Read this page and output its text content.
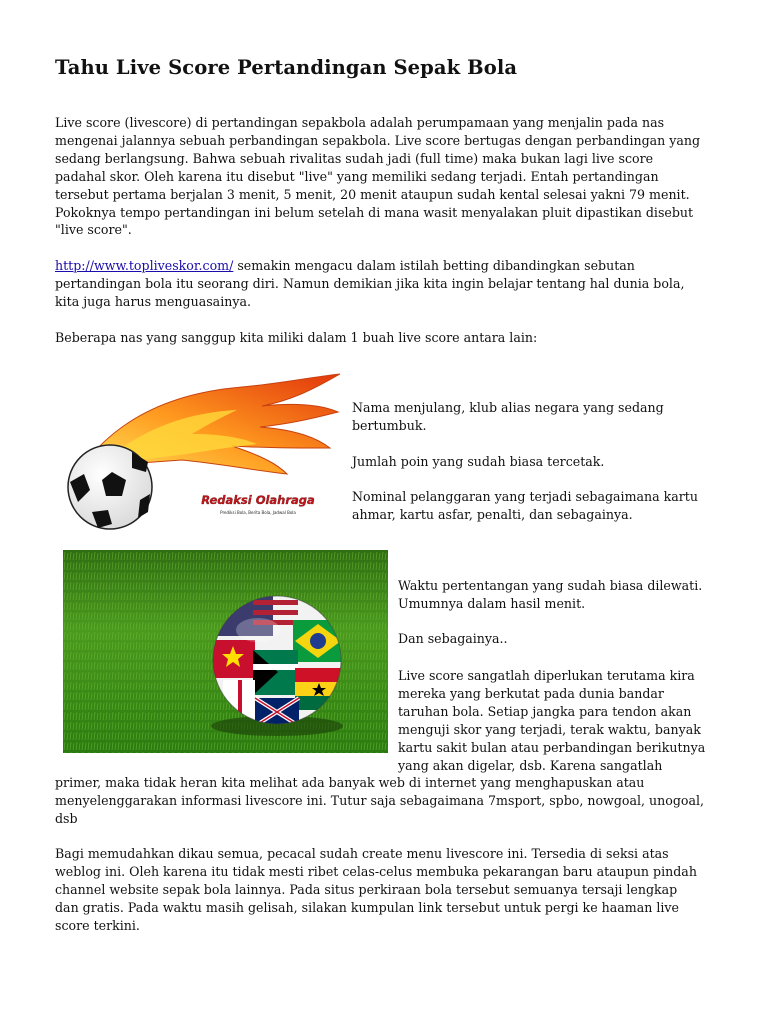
Tahu Live Score Pertandingan Sepak Bola

Live score (livescore) di pertandingan sepakbola adalah perumpamaan yang menjalin pada nas
mengenai jalannya sebuah perbandingan sepakbola. Live score bertugas dengan perbandingan yang
sedang berlangsung. Bahwa sebuah rivalitas sudah jadi (full time) maka bukan lagi live score
padahal skor. Oleh karena itu disebut "live" yang memiliki sedang terjadi. Entah pertandingan
tersebut pertama berjalan 3 menit, 5 menit, 20 menit ataupun sudah kental selesai yakni 79 menit.
Pokoknya tempo pertandingan ini belum setelah di mana wasit menyalakan pluit dipastikan disebut
"live score".

http://www.topliveskor.com/ semakin mengacu dalam istilah betting dibandingkan sebutan
pertandingan bola itu seorang diri. Namun demikian jika kita ingin belajar tentang hal dunia bola,
kita juga harus menguasainya.

Beberapa nas yang sanggup kita miliki dalam 1 buah live score antara lain:

Redaksi Olahraga
Prediksi Bola, Berita Bola, Jadwal Bola

Nama menjulang, klub alias negara yang sedang
bertumbuk.

Jumlah poin yang sudah biasa tercetak.

Nominal pelanggaran yang terjadi sebagaimana kartu
ahmar, kartu asfar, penalti, dan sebagainya.

Waktu pertentangan yang sudah biasa dilewati.
Umumnya dalam hasil menit.

Dan sebagainya..

Live score sangatlah diperlukan terutama kira
mereka yang berkutat pada dunia bandar
taruhan bola. Setiap jangka para tendon akan
menguji skor yang terjadi, terak waktu, banyak
kartu sakit bulan atau perbandingan berikutnya
yang akan digelar, dsb. Karena sangatlah

primer, maka tidak heran kita melihat ada banyak web di internet yang menghapuskan atau
menyelenggarakan informasi livescore ini. Tutur saja sebagaimana 7msport, spbo, nowgoal, unogoal,
dsb

Bagi memudahkan dikau semua, pecacal sudah create menu livescore ini. Tersedia di seksi atas
weblog ini. Oleh karena itu tidak mesti ribet celas-celus membuka pekarangan baru ataupun pindah
channel website sepak bola lainnya. Pada situs perkiraan bola tersebut semuanya tersaji lengkap
dan gratis. Pada waktu masih gelisah, silakan kumpulan link tersebut untuk pergi ke haaman live
score terkini.
